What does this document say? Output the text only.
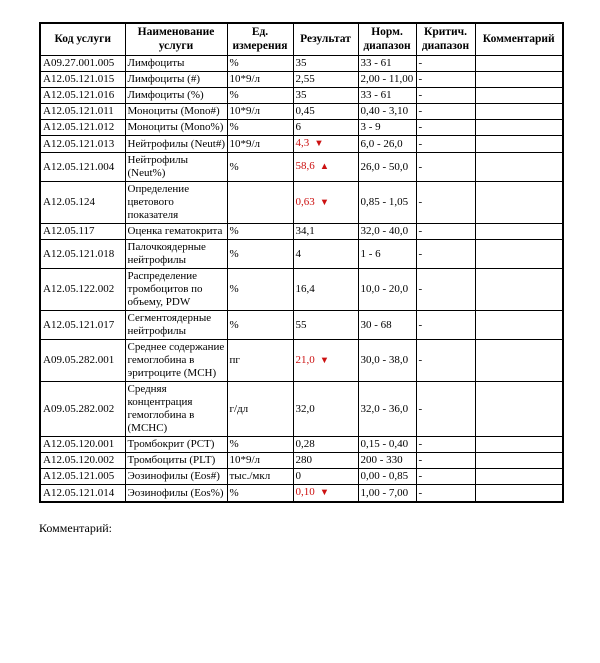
Код услуги	Наименование услуги	Ед. измерения	Результат	Норм. диапазон	Критич. диапазон	Комментарий
A09.27.001.005	Лимфоциты	%	35	33 - 61	-	
A12.05.121.015	Лимфоциты (#)	10*9/л	2,55	2,00 - 11,00	-	
A12.05.121.016	Лимфоциты (%)	%	35	33 - 61	-	
A12.05.121.011	Моноциты (Mono#)	10*9/л	0,45	0,40 - 3,10	-	
A12.05.121.012	Моноциты (Mono%)	%	6	3 - 9	-	
A12.05.121.013	Нейтрофилы (Neut#)	10*9/л	4,3 ▼	6,0 - 26,0	-	
A12.05.121.004	Нейтрофилы (Neut%)	%	58,6 ▲	26,0 - 50,0	-	
A12.05.124	Определение цветового показателя		0,63 ▼	0,85 - 1,05	-	
A12.05.117	Оценка гематокрита	%	34,1	32,0 - 40,0	-	
A12.05.121.018	Палочкоядерные нейтрофилы	%	4	1 - 6	-	
A12.05.122.002	Распределение тромбоцитов по объему, PDW	%	16,4	10,0 - 20,0	-	
A12.05.121.017	Сегментоядерные нейтрофилы	%	55	30 - 68	-	
A09.05.282.001	Среднее содержание гемоглобина в эритроците (MCH)	пг	21,0 ▼	30,0 - 38,0	-	
A09.05.282.002	Средняя концентрация гемоглобина в (MCHC)	г/дл	32,0	32,0 - 36,0	-	
A12.05.120.001	Тромбокрит (PCT)	%	0,28	0,15 - 0,40	-	
A12.05.120.002	Тромбоциты (PLT)	10*9/л	280	200 - 330	-	
A12.05.121.005	Эозинофилы (Eos#)	тыс./мкл	0	0,00 - 0,85	-	
A12.05.121.014	Эозинофилы (Eos%)	%	0,10 ▼	1,00 - 7,00	-	
Комментарий:
